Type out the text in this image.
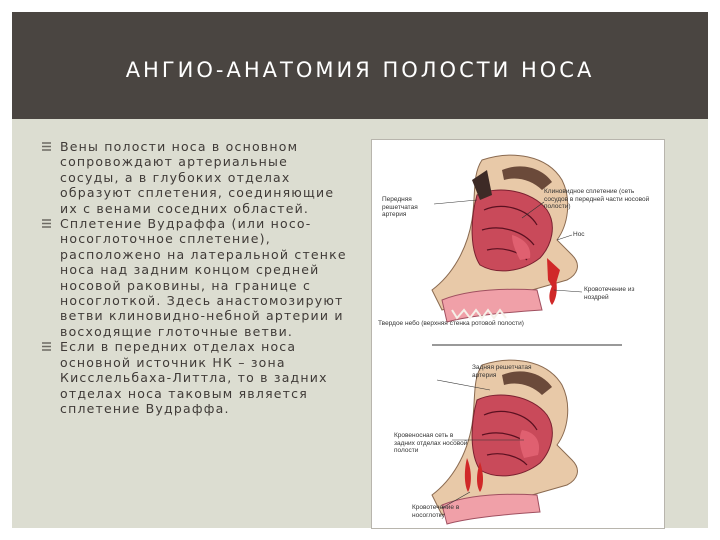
АНГИО-АНАТОМИЯ ПОЛОСТИ НОСА
Вены полости носа в основном сопровождают артериальные сосуды, а в глубоких отделах образуют сплетения, соединяющие их с венами соседних областей.
Сплетение Вудраффа (или носо-носоглоточное сплетение), расположено на латеральной стенке носа над задним концом средней носовой раковины, на границе с носоглоткой. Здесь анастомозируют ветви клиновидно-небной артерии и восходящие глоточные ветви.
Если в передних отделах носа основной источник НК – зона Кисслельбаха-Литтла, то в задних отделах носа таковым является сплетение Вудраффа.
Передняя решетчатая артерия
Клиновидное сплетение (сеть сосудов в передней части носовой полости)
Нос
Кровотечение из ноздрей
Твердое небо (верхняя стенка ротовой полости)
Задняя решетчатая артерия
Кровеносная сеть в задних отделах носовой полости
Кровотечение в носоглотку
